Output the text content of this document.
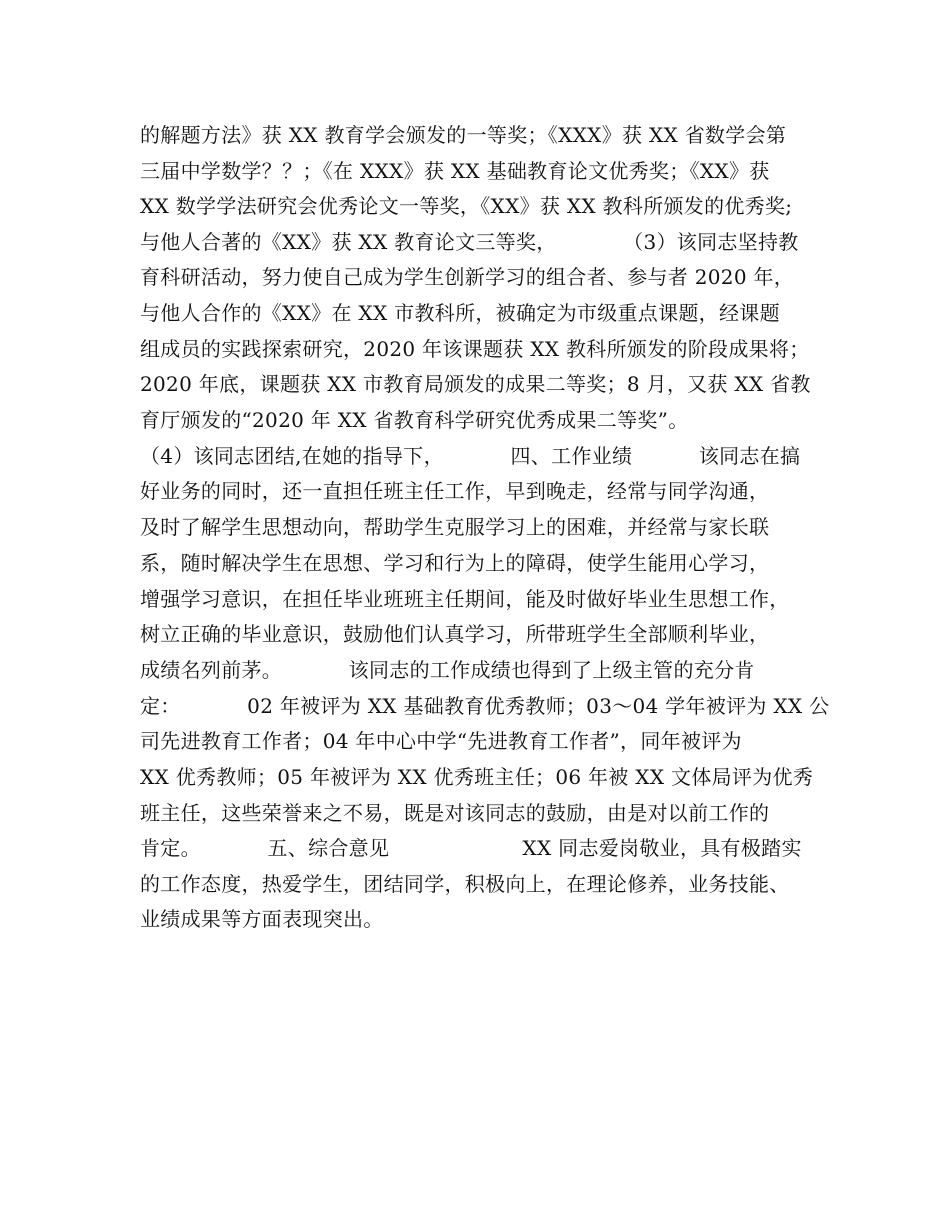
的解题方法》获 XX 教育学会颁发的一等奖；《XXX》获 XX 省数学会第
三届中学数学？？；《在 XXX》获 XX 基础教育论文优秀奖；《XX》获
XX 数学学法研究会优秀论文一等奖，《XX》获 XX 教科所颁发的优秀奖;
与他人合著的《XX》获 XX 教育论文三等奖，          （3）该同志坚持教
育科研活动，努力使自己成为学生创新学习的组合者、参与者 2020 年，
与他人合作的《XX》在 XX 市教科所，被确定为市级重点课题，经课题
组成员的实践探索研究，2020 年该课题获 XX 教科所颁发的阶段成果将；
2020 年底，课题获 XX 市教育局颁发的成果二等奖；8 月，又获 XX 省教
育厅颁发的“2020 年 XX 省教育科学研究优秀成果二等奖”。
（4）该同志团结,在她的指导下，          四、工作业绩          该同志在搞
好业务的同时，还一直担任班主任工作，早到晚走，经常与同学沟通，
及时了解学生思想动向，帮助学生克服学习上的困难，并经常与家长联
系，随时解决学生在思想、学习和行为上的障碍，使学生能用心学习，
增强学习意识，在担任毕业班班主任期间，能及时做好毕业生思想工作，
树立正确的毕业意识，鼓励他们认真学习，所带班学生全部顺利毕业，
成绩名列前茅。          该同志的工作成绩也得到了上级主管的充分肯
定：          02 年被评为 XX 基础教育优秀教师；03～04 学年被评为 XX 公
司先进教育工作者；04 年中心中学“先进教育工作者”，同年被评为
XX 优秀教师；05 年被评为 XX 优秀班主任；06 年被 XX 文体局评为优秀
班主任，这些荣誉来之不易，既是对该同志的鼓励，由是对以前工作的
肯定。          五、综合意见                    XX 同志爱岗敬业，具有极踏实
的工作态度，热爱学生，团结同学，积极向上，在理论修养，业务技能、
业绩成果等方面表现突出。
